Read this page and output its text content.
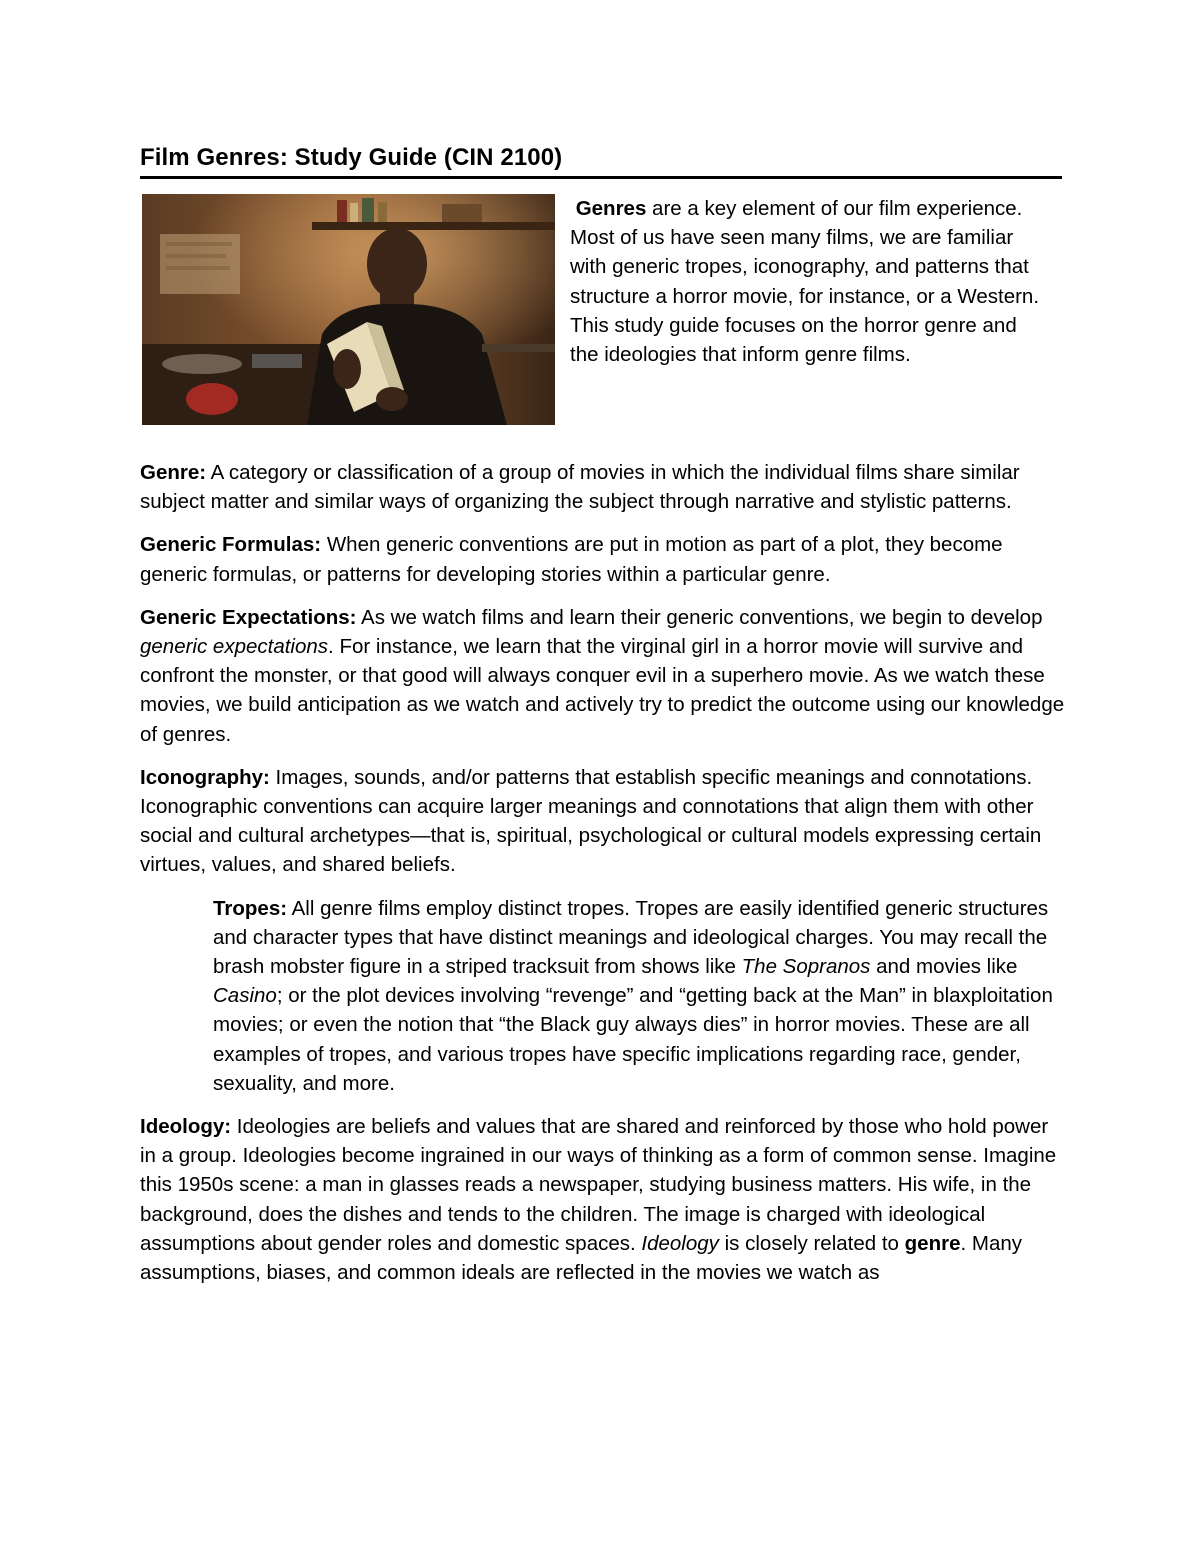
Film Genres: Study Guide (CIN 2100)
Genres are a key element of our film experience. Most of us have seen many films, we are familiar with generic tropes, iconography, and patterns that structure a horror movie, for instance, or a Western. This study guide focuses on the horror genre and the ideologies that inform genre films.

Genre: A category or classification of a group of movies in which the individual films share similar subject matter and similar ways of organizing the subject through narrative and stylistic patterns.

Generic Formulas: When generic conventions are put in motion as part of a plot, they become generic formulas, or patterns for developing stories within a particular genre.

Generic Expectations: As we watch films and learn their generic conventions, we begin to develop generic expectations. For instance, we learn that the virginal girl in a horror movie will survive and confront the monster, or that good will always conquer evil in a superhero movie. As we watch these movies, we build anticipation as we watch and actively try to predict the outcome using our knowledge of genres.

Iconography: Images, sounds, and/or patterns that establish specific meanings and connotations. Iconographic conventions can acquire larger meanings and connotations that align them with other social and cultural archetypes—that is, spiritual, psychological or cultural models expressing certain virtues, values, and shared beliefs.

Tropes: All genre films employ distinct tropes. Tropes are easily identified generic structures and character types that have distinct meanings and ideological charges. You may recall the brash mobster figure in a striped tracksuit from shows like The Sopranos and movies like Casino; or the plot devices involving “revenge” and “getting back at the Man” in blaxploitation movies; or even the notion that “the Black guy always dies” in horror movies. These are all examples of tropes, and various tropes have specific implications regarding race, gender, sexuality, and more.

Ideology: Ideologies are beliefs and values that are shared and reinforced by those who hold power in a group. Ideologies become ingrained in our ways of thinking as a form of common sense. Imagine this 1950s scene: a man in glasses reads a newspaper, studying business matters. His wife, in the background, does the dishes and tends to the children. The image is charged with ideological assumptions about gender roles and domestic spaces. Ideology is closely related to genre. Many assumptions, biases, and common ideals are reflected in the movies we watch as
